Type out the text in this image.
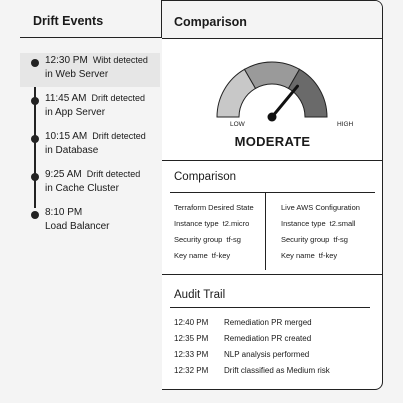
Drift Events
12:30 PM Wibt detected
in Web Server
11:45 AM Drift detected
in App Server
10:15 AM Drift detected
in Database
9:25 AM Drift detected
in Cache Cluster
8:10 PM
Load Balancer
Comparison
LOW	HIGH
MODERATE
Comparison
Terraform Desired State
Instance type t2.micro
Security group tf-sg
Key name tf-key
Live AWS Configuration
Instance type t2.small
Security group tf-sg
Key name tf-key
Audit Trail
12:40 PM Remediation PR merged
12:35 PM Remediation PR created
12:33 PM NLP analysis performed
12:32 PM Drift classified as Medium risk
